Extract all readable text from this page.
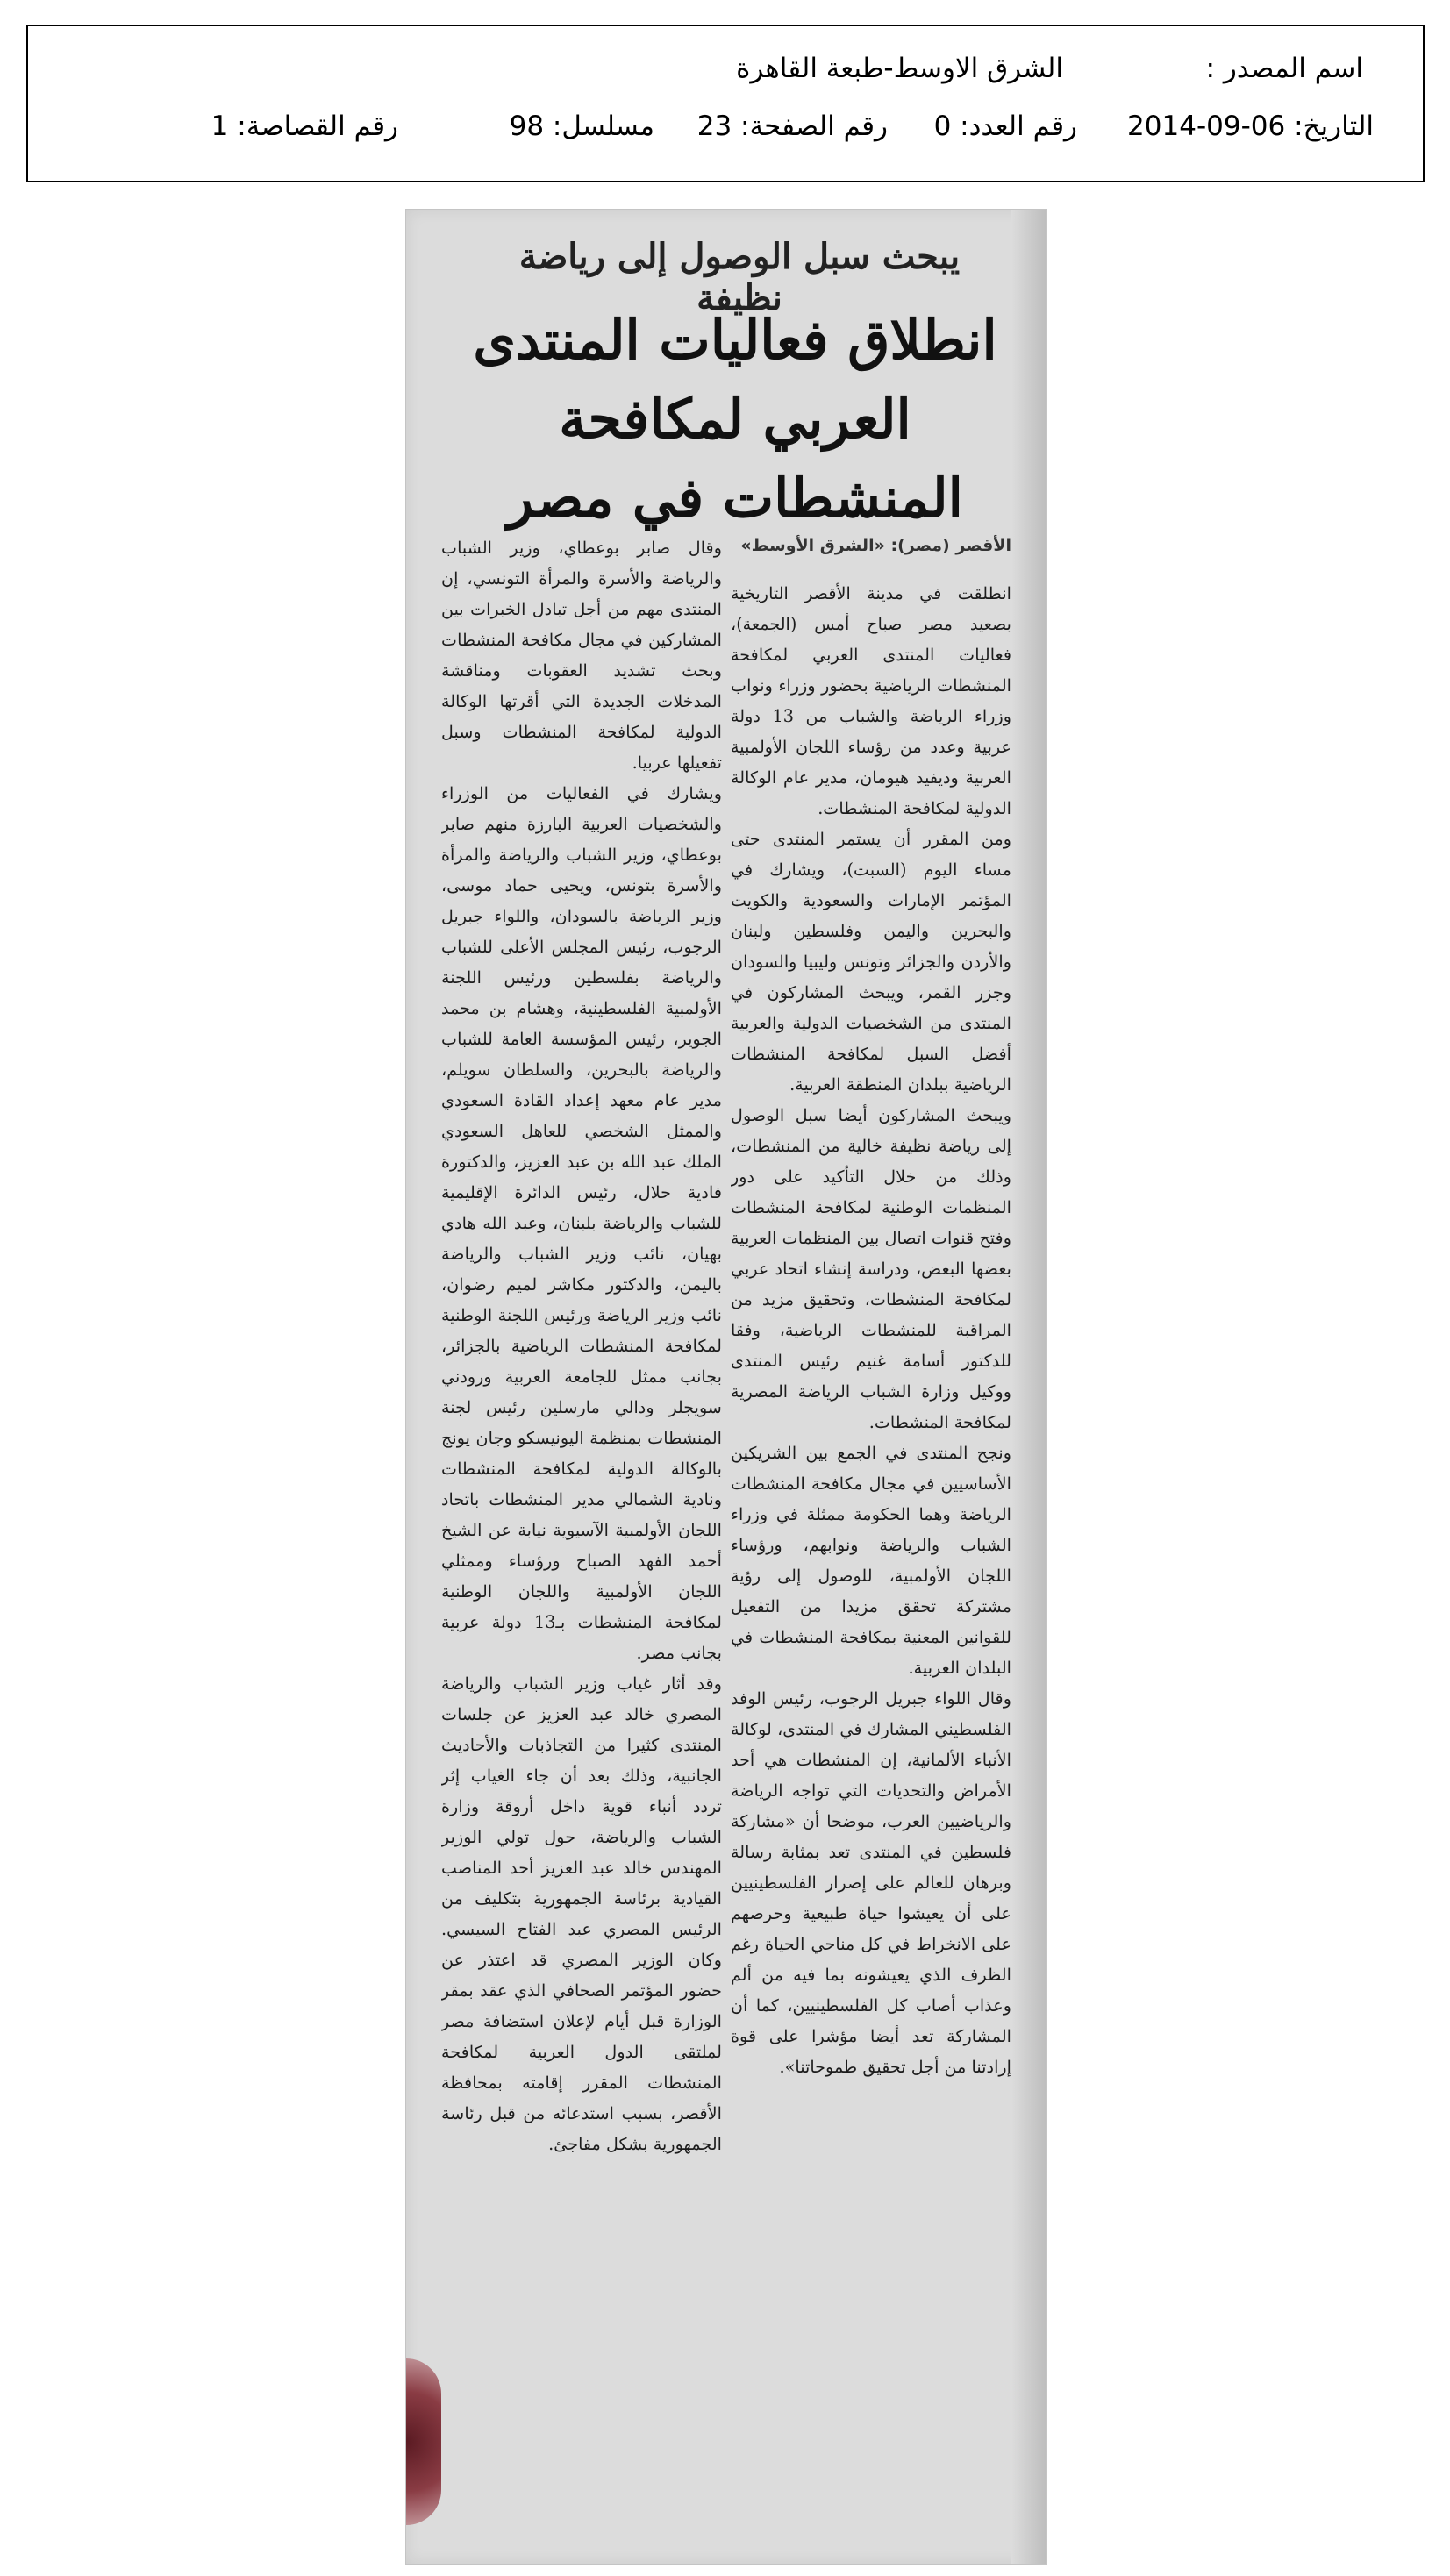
اسم المصدر :
الشرق الاوسط-طبعة القاهرة
التاريخ: 06-09-2014
رقم العدد: 0
رقم الصفحة: 23
مسلسل: 98
رقم القصاصة: 1
يبحث سبل الوصول إلى رياضة نظيفة
انطلاق فعاليات المنتدى العربي لمكافحة المنشطات في مصر
الأقصر (مصر): «الشرق الأوسط»
انطلقت في مدينة الأقصر التاريخية بصعيد مصر صباح أمس (الجمعة)، فعاليات المنتدى العربي لمكافحة المنشطات الرياضية بحضور وزراء ونواب وزراء الرياضة والشباب من 13 دولة عربية وعدد من رؤساء اللجان الأولمبية العربية وديفيد هيومان، مدير عام الوكالة الدولية لمكافحة المنشطات.
ومن المقرر أن يستمر المنتدى حتى مساء اليوم (السبت)، ويشارك في المؤتمر الإمارات والسعودية والكويت والبحرين واليمن وفلسطين ولبنان والأردن والجزائر وتونس وليبيا والسودان وجزر القمر، ويبحث المشاركون في المنتدى من الشخصيات الدولية والعربية أفضل السبل لمكافحة المنشطات الرياضية ببلدان المنطقة العربية.
ويبحث المشاركون أيضا سبل الوصول إلى رياضة نظيفة خالية من المنشطات، وذلك من خلال التأكيد على دور المنظمات الوطنية لمكافحة المنشطات وفتح قنوات اتصال بين المنظمات العربية بعضها البعض، ودراسة إنشاء اتحاد عربي لمكافحة المنشطات، وتحقيق مزيد من المراقبة للمنشطات الرياضية، وفقا للدكتور أسامة غنيم رئيس المنتدى ووكيل وزارة الشباب الرياضة المصرية لمكافحة المنشطات.
ونجح المنتدى في الجمع بين الشريكين الأساسيين في مجال مكافحة المنشطات الرياضة وهما الحكومة ممثلة في وزراء الشباب والرياضة ونوابهم، ورؤساء اللجان الأولمبية، للوصول إلى رؤية مشتركة تحقق مزيدا من التفعيل للقوانين المعنية بمكافحة المنشطات في البلدان العربية.
وقال اللواء جبريل الرجوب، رئيس الوفد الفلسطيني المشارك في المنتدى، لوكالة الأنباء الألمانية، إن المنشطات هي أحد الأمراض والتحديات التي تواجه الرياضة والرياضيين العرب، موضحا أن «مشاركة فلسطين في المنتدى تعد بمثابة رسالة وبرهان للعالم على إصرار الفلسطينيين على أن يعيشوا حياة طبيعية وحرصهم على الانخراط في كل مناحي الحياة رغم الظرف الذي يعيشونه بما فيه من ألم وعذاب أصاب كل الفلسطينيين، كما أن المشاركة تعد أيضا مؤشرا على قوة إرادتنا من أجل تحقيق طموحاتنا».
وقال صابر بوعطاي، وزير الشباب والرياضة والأسرة والمرأة التونسي، إن المنتدى مهم من أجل تبادل الخبرات بين المشاركين في مجال مكافحة المنشطات وبحث تشديد العقوبات ومناقشة المدخلات الجديدة التي أقرتها الوكالة الدولية لمكافحة المنشطات وسبل تفعيلها عربيا.
ويشارك في الفعاليات من الوزراء والشخصيات العربية البارزة منهم صابر بوعطاي، وزير الشباب والرياضة والمرأة والأسرة بتونس، ويحيى حماد موسى، وزير الرياضة بالسودان، واللواء جبريل الرجوب، رئيس المجلس الأعلى للشباب والرياضة بفلسطين ورئيس اللجنة الأولمبية الفلسطينية، وهشام بن محمد الجوير، رئيس المؤسسة العامة للشباب والرياضة بالبحرين، والسلطان سويلم، مدير عام معهد إعداد القادة السعودي والممثل الشخصي للعاهل السعودي الملك عبد الله بن عبد العزيز، والدكتورة فادية حلال، رئيس الدائرة الإقليمية للشباب والرياضة بلبنان، وعبد الله هادي بهيان، نائب وزير الشباب والرياضة باليمن، والدكتور مكاشر لميم رضوان، نائب وزير الرياضة ورئيس اللجنة الوطنية لمكافحة المنشطات الرياضية بالجزائر، بجانب ممثل للجامعة العربية ورودني سويجلر ودالي مارسلين رئيس لجنة المنشطات بمنظمة اليونيسكو وجان يونج بالوكالة الدولية لمكافحة المنشطات ونادية الشمالي مدير المنشطات باتحاد اللجان الأولمبية الآسيوية نيابة عن الشيخ أحمد الفهد الصباح ورؤساء وممثلي اللجان الأولمبية واللجان الوطنية لمكافحة المنشطات بـ13 دولة عربية بجانب مصر.
وقد أثار غياب وزير الشباب والرياضة المصري خالد عبد العزيز عن جلسات المنتدى كثيرا من التجاذبات والأحاديث الجانبية، وذلك بعد أن جاء الغياب إثر تردد أنباء قوية داخل أروقة وزارة الشباب والرياضة، حول تولي الوزير المهندس خالد عبد العزيز أحد المناصب القيادية برئاسة الجمهورية بتكليف من الرئيس المصري عبد الفتاح السيسي. وكان الوزير المصري قد اعتذر عن حضور المؤتمر الصحافي الذي عقد بمقر الوزارة قبل أيام لإعلان استضافة مصر لملتقى الدول العربية لمكافحة المنشطات المقرر إقامته بمحافظة الأقصر، بسبب استدعائه من قبل رئاسة الجمهورية بشكل مفاجئ.
